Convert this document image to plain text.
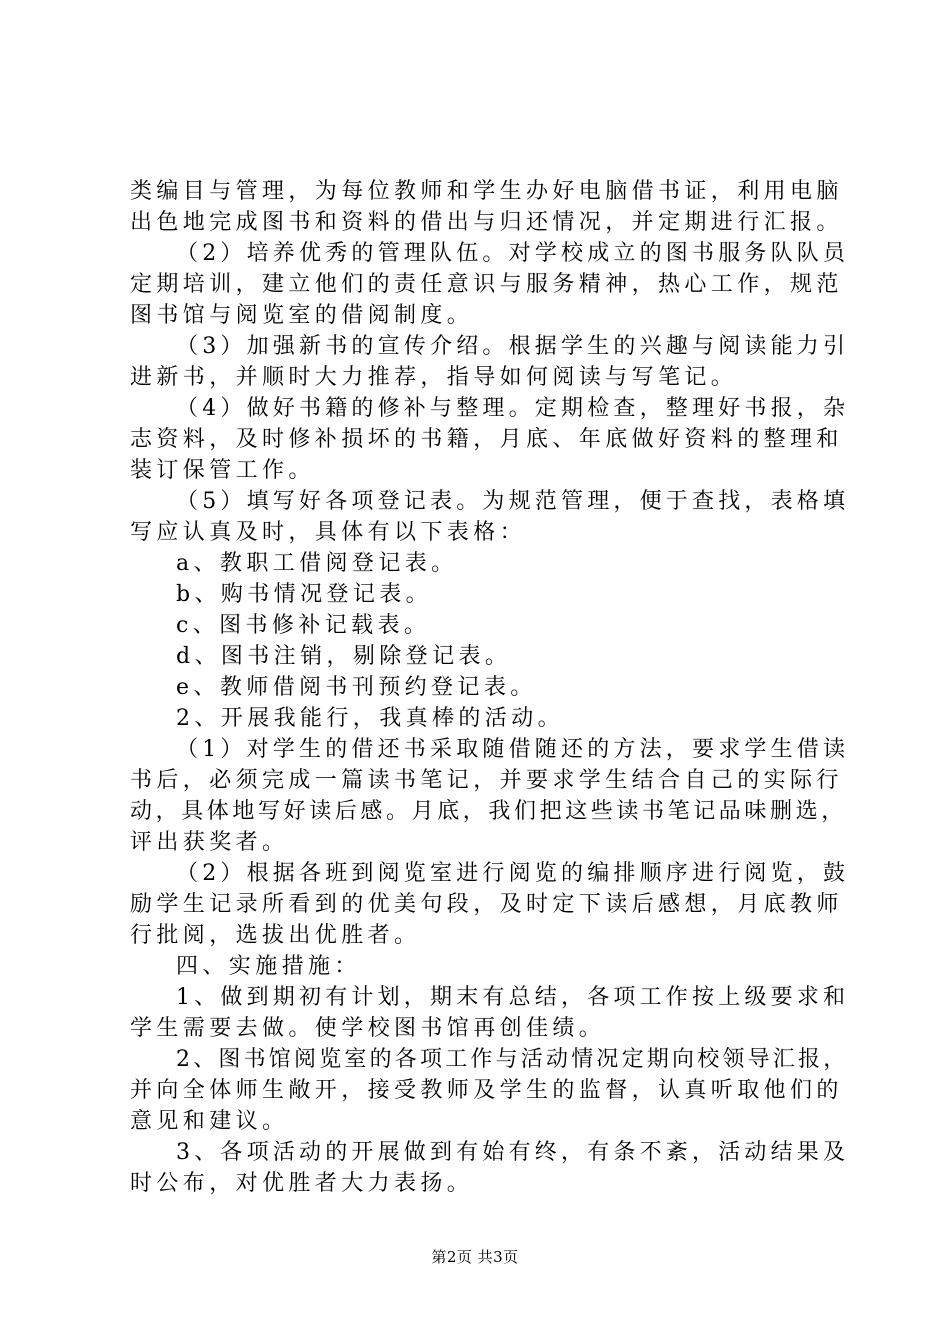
类编目与管理，为每位教师和学生办好电脑借书证，利用电脑
出色地完成图书和资料的借出与归还情况，并定期进行汇报。
（2）培养优秀的管理队伍。对学校成立的图书服务队队员
定期培训，建立他们的责任意识与服务精神，热心工作，规范
图书馆与阅览室的借阅制度。
（3）加强新书的宣传介绍。根据学生的兴趣与阅读能力引
进新书，并顺时大力推荐，指导如何阅读与写笔记。
（4）做好书籍的修补与整理。定期检查，整理好书报，杂
志资料，及时修补损坏的书籍，月底、年底做好资料的整理和
装订保管工作。
（5）填写好各项登记表。为规范管理，便于查找，表格填
写应认真及时，具体有以下表格：
a、教职工借阅登记表。
b、购书情况登记表。
c、图书修补记载表。
d、图书注销，剔除登记表。
e、教师借阅书刊预约登记表。
2、开展我能行，我真棒的活动。
（1）对学生的借还书采取随借随还的方法，要求学生借读
书后，必须完成一篇读书笔记，并要求学生结合自己的实际行
动，具体地写好读后感。月底，我们把这些读书笔记品味删选，
评出获奖者。
（2）根据各班到阅览室进行阅览的编排顺序进行阅览，鼓
励学生记录所看到的优美句段，及时定下读后感想，月底教师
行批阅，选拔出优胜者。
四、实施措施：
1、做到期初有计划，期末有总结，各项工作按上级要求和
学生需要去做。使学校图书馆再创佳绩。
2、图书馆阅览室的各项工作与活动情况定期向校领导汇报，
并向全体师生敞开，接受教师及学生的监督，认真听取他们的
意见和建议。
3、各项活动的开展做到有始有终，有条不紊，活动结果及
时公布，对优胜者大力表扬。
第2页 共3页
